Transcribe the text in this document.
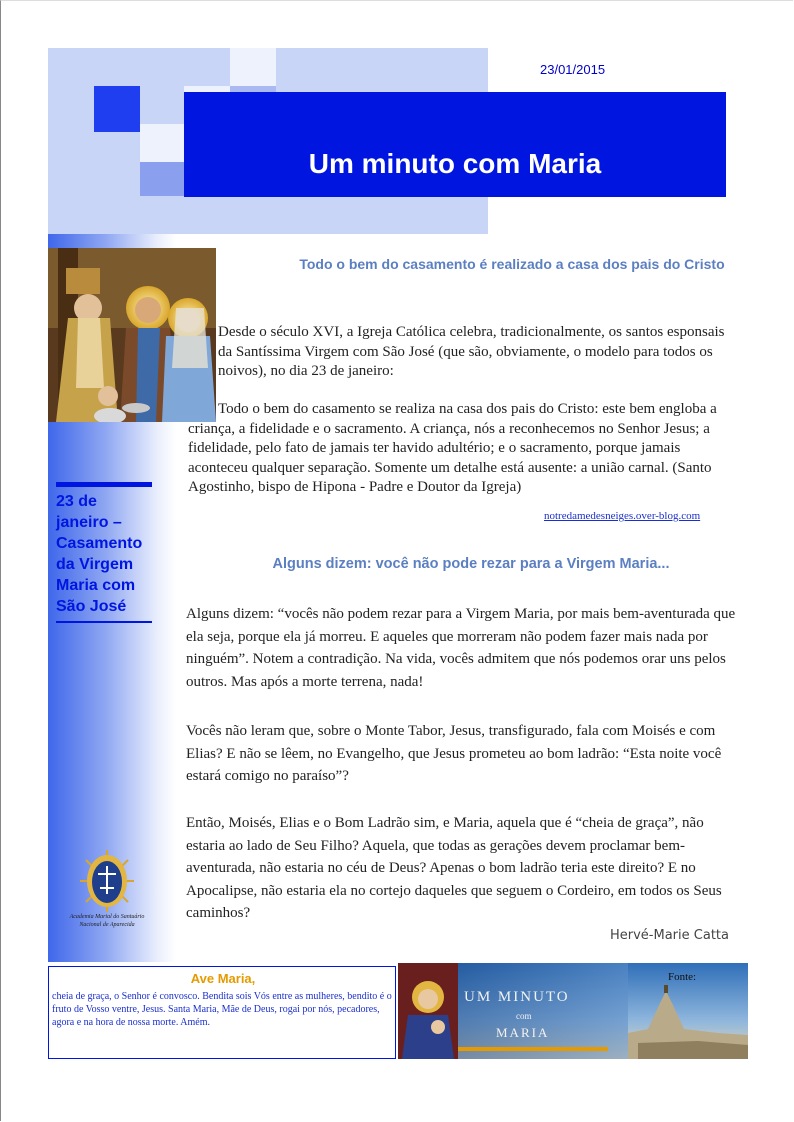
Um minuto com Maria
23/01/2015
23 de janeiro – Casamento da Virgem Maria com São José
Academia Marial do Santuário Nacional de Aparecida
Todo o bem do casamento é realizado a casa dos pais do Cristo
Desde o século XVI, a Igreja Católica celebra, tradicionalmente, os santos esponsais da Santíssima Virgem com São José (que são, obviamente, o modelo para todos os noivos), no dia 23 de janeiro:
Todo o bem do casamento se realiza na casa dos pais do Cristo: este bem engloba a criança, a fidelidade e o sacramento. A criança, nós a reconhecemos no Senhor Jesus; a fidelidade, pelo fato de jamais ter havido adultério; e o sacramento, porque jamais aconteceu qualquer separação. Somente um detalhe está ausente: a união carnal. (Santo Agostinho, bispo de Hipona - Padre e Doutor da Igreja)
notredamedesneiges.over-blog.com
Alguns dizem: você não pode rezar para a Virgem Maria...
Alguns dizem: “vocês não podem rezar para a Virgem Maria, por mais bem-aventurada que ela seja, porque ela já morreu. E aqueles que morreram não podem fazer mais nada por ninguém”. Notem a contradição. Na vida, vocês admitem que nós podemos orar uns pelos outros. Mas após a morte terrena, nada!
Vocês não leram que, sobre o Monte Tabor, Jesus, transfigurado, fala com Moisés e com Elias? E não se lêem, no Evangelho, que Jesus prometeu ao bom ladrão: “Esta noite você estará comigo no paraíso”?
Então, Moisés, Elias e o Bom Ladrão sim, e Maria, aquela que é “cheia de graça”, não estaria ao lado de Seu Filho? Aquela, que todas as gerações devem proclamar bem-aventurada, não estaria no céu de Deus? Apenas o bom ladrão teria este direito? E no Apocalipse, não estaria ela no cortejo daqueles que seguem o Cordeiro, em todos os Seus caminhos?
Hervé-Marie Catta
Ave Maria,
cheia de graça, o Senhor é convosco. Bendita sois Vós entre as mulheres, bendito é o fruto de Vosso ventre, Jesus. Santa Maria, Mãe de Deus, rogai por nós, pecadores, agora e na hora de nossa morte. Amém.
UM MINUTO
com
MARIA
Fonte:
